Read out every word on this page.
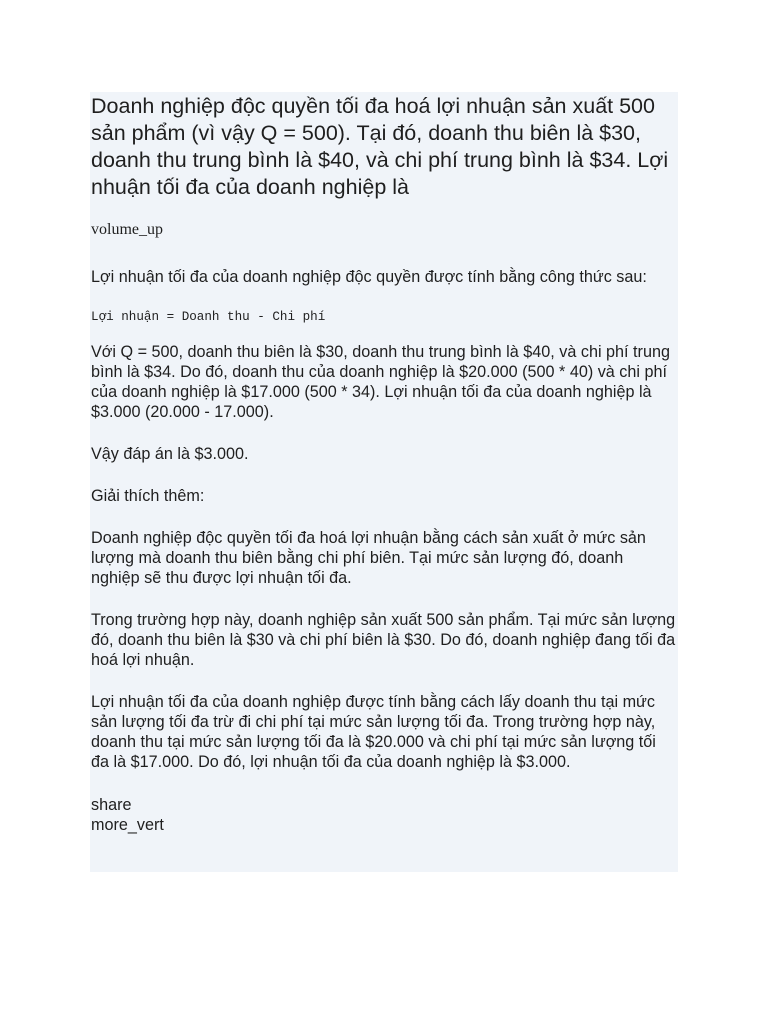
Doanh nghiệp độc quyền tối đa hoá lợi nhuận sản xuất 500 sản phẩm (vì vậy Q = 500). Tại đó, doanh thu biên là $30, doanh thu trung bình là $40, và chi phí trung bình là $34. Lợi nhuận tối đa của doanh nghiệp là
volume_up

Lợi nhuận tối đa của doanh nghiệp độc quyền được tính bằng công thức sau:

Lợi nhuận = Doanh thu - Chi phí

Với Q = 500, doanh thu biên là $30, doanh thu trung bình là $40, và chi phí trung bình là $34. Do đó, doanh thu của doanh nghiệp là $20.000 (500 * 40) và chi phí của doanh nghiệp là $17.000 (500 * 34). Lợi nhuận tối đa của doanh nghiệp là $3.000 (20.000 - 17.000).

Vậy đáp án là $3.000.

Giải thích thêm:

Doanh nghiệp độc quyền tối đa hoá lợi nhuận bằng cách sản xuất ở mức sản lượng mà doanh thu biên bằng chi phí biên. Tại mức sản lượng đó, doanh nghiệp sẽ thu được lợi nhuận tối đa.

Trong trường hợp này, doanh nghiệp sản xuất 500 sản phẩm. Tại mức sản lượng đó, doanh thu biên là $30 và chi phí biên là $30. Do đó, doanh nghiệp đang tối đa hoá lợi nhuận.

Lợi nhuận tối đa của doanh nghiệp được tính bằng cách lấy doanh thu tại mức sản lượng tối đa trừ đi chi phí tại mức sản lượng tối đa. Trong trường hợp này, doanh thu tại mức sản lượng tối đa là $20.000 và chi phí tại mức sản lượng tối đa là $17.000. Do đó, lợi nhuận tối đa của doanh nghiệp là $3.000.

share
more_vert
